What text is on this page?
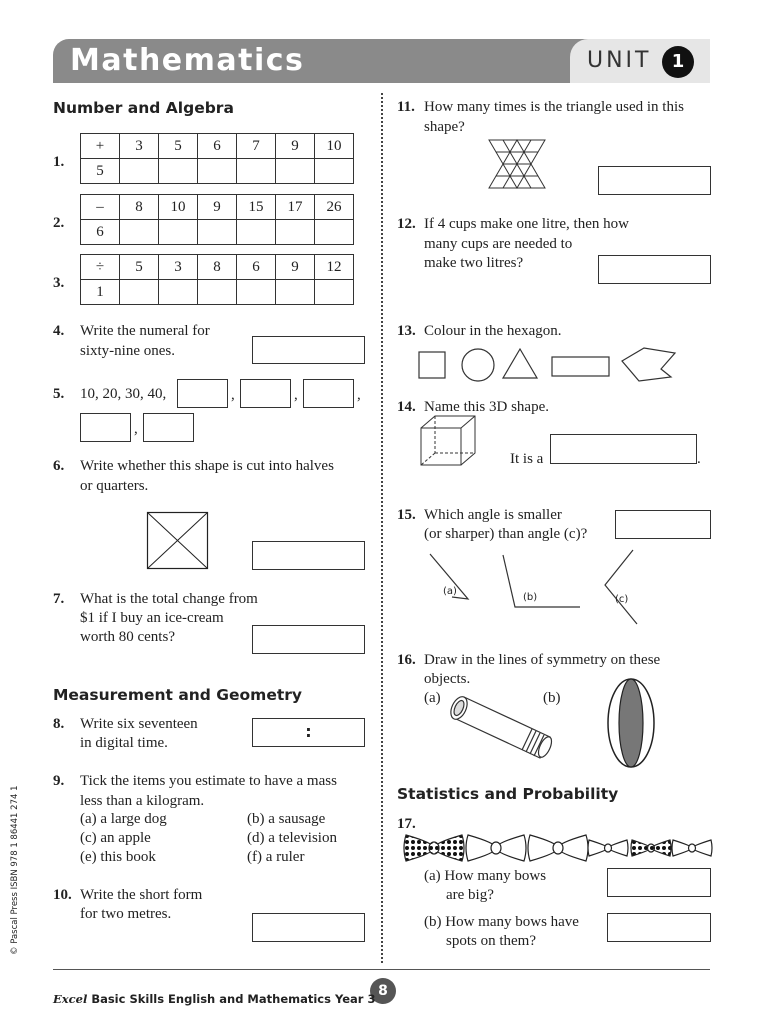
Mathematics	UNIT	1
Number and Algebra
1.
+	3	5	6	7	9	10
5						
2.
–	8	10	9	15	17	26
6						
3.
÷	5	3	8	6	9	12
1						
4. Write the numeral for
sixty-nine ones.
5. 10, 20, 30, 40,	,	,	,
,
6. Write whether this shape is cut into halves
or quarters.
7. What is the total change from
$1 if I buy an ice-cream
worth 80 cents?
Measurement and Geometry
8. Write six seventeen
in digital time.
:
9. Tick the items you estimate to have a mass
less than a kilogram.
(a) a large dog	(b) a sausage
(c) an apple	(d) a television
(e) this book	(f) a ruler
10. Write the short form
for two metres.
11. How many times is the triangle used in this
shape?
12. If 4 cups make one litre, then how
many cups are needed to
make two litres?
13. Colour in the hexagon.
14. Name this 3D shape.
It is a	.
15. Which angle is smaller
(or sharper) than angle (c)?
(a)
(b)	(c)
16. Draw in the lines of symmetry on these
objects.
(a)	(b)
Statistics and Probability
17.
(a) How many bows
are big?
(b) How many bows have
spots on them?
8
Excel Basic Skills English and Mathematics Year 3
© Pascal Press ISBN 978 1 86441 274 1
